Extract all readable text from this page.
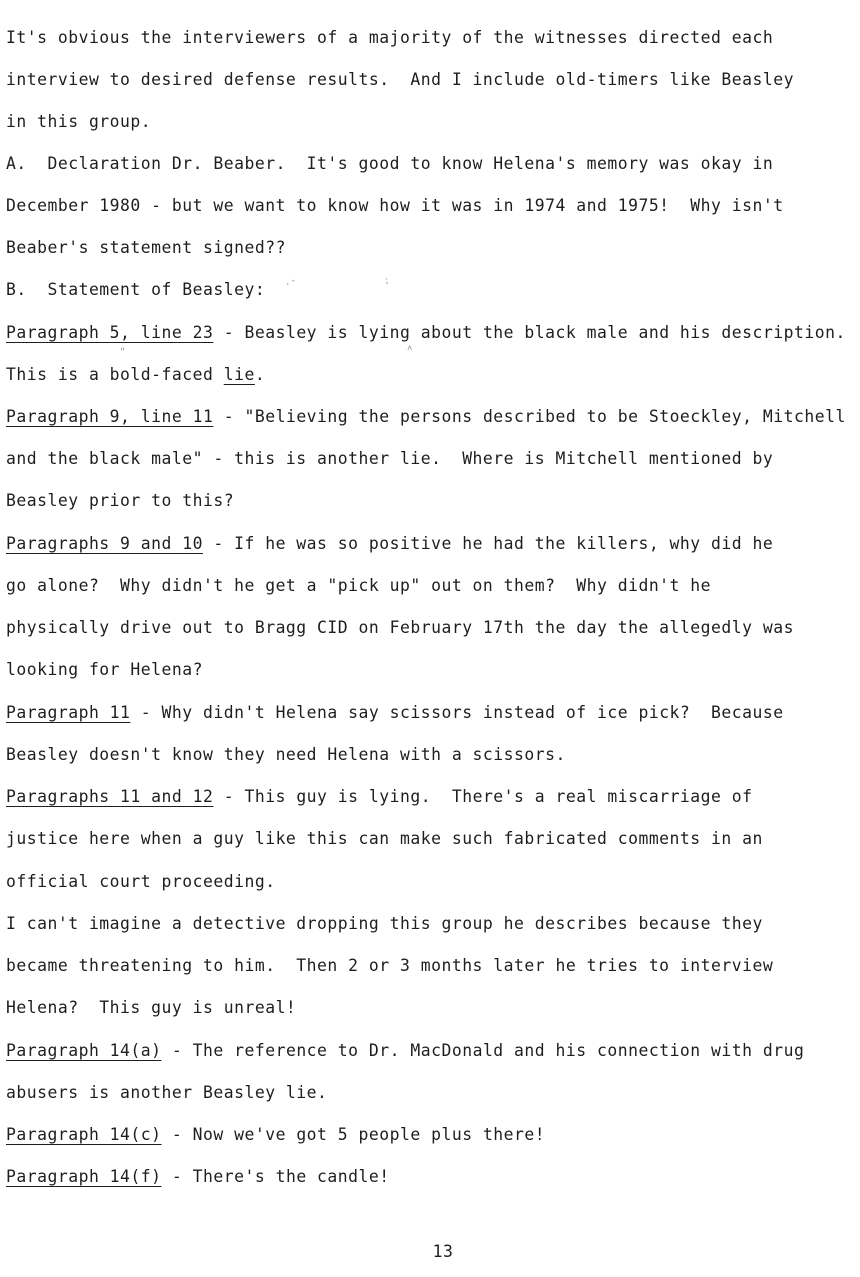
It's obvious the interviewers of a majority of the witnesses directed each
interview to desired defense results.  And I include old-timers like Beasley
in this group.
A.  Declaration Dr. Beaber.  It's good to know Helena's memory was okay in
December 1980 - but we want to know how it was in 1974 and 1975!  Why isn't
Beaber's statement signed??
B.  Statement of Beasley:
Paragraph 5, line 23 - Beasley is lying about the black male and his description.
This is a bold-faced lie.
Paragraph 9, line 11 - "Believing the persons described to be Stoeckley, Mitchell
and the black male" - this is another lie.  Where is Mitchell mentioned by
Beasley prior to this?
Paragraphs 9 and 10 - If he was so positive he had the killers, why did he
go alone?  Why didn't he get a "pick up" out on them?  Why didn't he
physically drive out to Bragg CID on February 17th the day the allegedly was
looking for Helena?
Paragraph 11 - Why didn't Helena say scissors instead of ice pick?  Because
Beasley doesn't know they need Helena with a scissors.
Paragraphs 11 and 12 - This guy is lying.  There's a real miscarriage of
justice here when a guy like this can make such fabricated comments in an
official court proceeding.
I can't imagine a detective dropping this group he describes because they
became threatening to him.  Then 2 or 3 months later he tries to interview
Helena?  This guy is unreal!
Paragraph 14(a) - The reference to Dr. MacDonald and his connection with drug
abusers is another Beasley lie.
Paragraph 14(c) - Now we've got 5 people plus there!
Paragraph 14(f) - There's the candle!
·˝	⁏
״	˄
13
